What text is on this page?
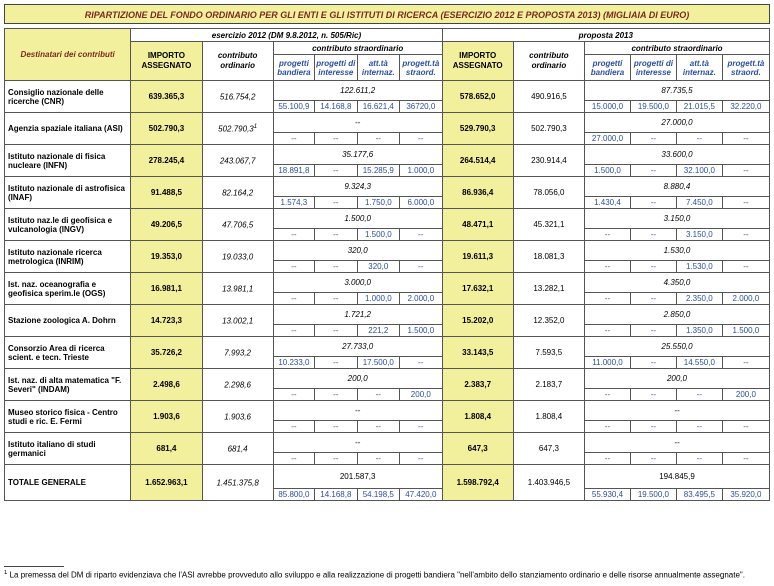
RIPARTIZIONE DEL FONDO ORDINARIO PER GLI ENTI E GLI ISTITUTI DI RICERCA (ESERCIZIO 2012 E PROPOSTA 2013) (MIGLIAIA DI EURO)
Destinatari dei contributi	esercizio 2012 (DM 9.8.2012, n. 505/Ric)						proposta 2013					
	IMPORTO ASSEGNATO	contributo ordinario	contributo straordinario				IMPORTO ASSEGNATO	contributo ordinario	contributo straordinario			
			progetti bandiera	progetti di interesse	att.tà internaz.	progett.tà straord.			progetti bandiera	progetti di interesse	att.tà internaz.	progett.tà straord.
Consiglio nazionale delle ricerche (CNR)	639.365,3	516.754,2	122.611,2				578.652,0	490.916,5	87.735,5			
			55.100,9	14.168,8	16.621,4	36720,0			15.000,0	19.500,0	21.015,5	32.220,0
Agenzia spaziale italiana (ASI)	502.790,3	502.790,3$^1$	--				529.790,3	502.790,3	27.000,0			
			--	--	--	--			27.000,0	--	--	--
Istituto nazionale di fisica nucleare (INFN)	278.245,4	243.067,7	35.177,6				264.514,4	230.914,4	33.600,0			
			18.891,8	--	15.285,9	1.000,0			1.500,0	--	32.100,0	--
Istituto nazionale di astrofisica (INAF)	91.488,5	82.164,2	9.324,3				86.936,4	78.056,0	8.880,4			
			1.574,3	--	1.750,0	6.000,0			1.430,4	--	7.450,0	--
Istituto naz.le di geofisica e vulcanologia (INGV)	49.206,5	47.706,5	1.500,0				48.471,1	45.321,1	3.150,0			
			--	--	1.500,0	--			--	--	3.150,0	--
Istituto nazionale ricerca metrologica (INRIM)	19.353,0	19.033,0	320,0				19.611,3	18.081,3	1.530,0			
			--	--	320,0	--			--	--	1.530,0	--
Ist. naz. oceanografia e geofisica sperim.le (OGS)	16.981,1	13.981,1	3.000,0				17.632,1	13.282,1	4.350,0			
			--	--	1.000,0	2.000,0			--	--	2.350,0	2.000,0
Stazione zoologica A. Dohrn	14.723,3	13.002,1	1.721,2				15.202,0	12.352,0	2.850,0			
			--	--	221,2	1.500,0			--	--	1.350,0	1.500,0
Consorzio Area di ricerca scient. e tecn. Trieste	35.726,2	7.993,2	27.733,0				33.143,5	7.593,5	25.550,0			
			10.233,0	--	17.500,0	--			11.000,0	--	14.550,0	--
Ist. naz. di alta matematica "F. Severi" (INDAM)	2.498,6	2.298,6	200,0				2.383,7	2.183,7	200,0			
			--	--	--	200,0			--	--	--	200,0
Museo storico fisica - Centro studi e ric. E. Fermi	1.903,6	1.903,6	--				1.808,4	1.808,4	--			
			--	--	--	--			--	--	--	--
Istituto italiano di studi germanici	681,4	681,4	--				647,3	647,3	--			
			--	--	--	--			--	--	--	--
TOTALE GENERALE	1.652.963,1	1.451.375,8	201.587,3				1.598.792,4	1.403.946,5	194.845,9			
			85.800,0	14.168,8	54.198,5	47.420,0			55.930,4	19.500,0	83.495,5	35.920,0
$^1$ La premessa del DM di riparto evidenziava che l'ASI avrebbe provveduto allo sviluppo e alla realizzazione di progetti bandiera "nell'ambito dello stanziamento ordinario e delle risorse annualmente assegnate".
